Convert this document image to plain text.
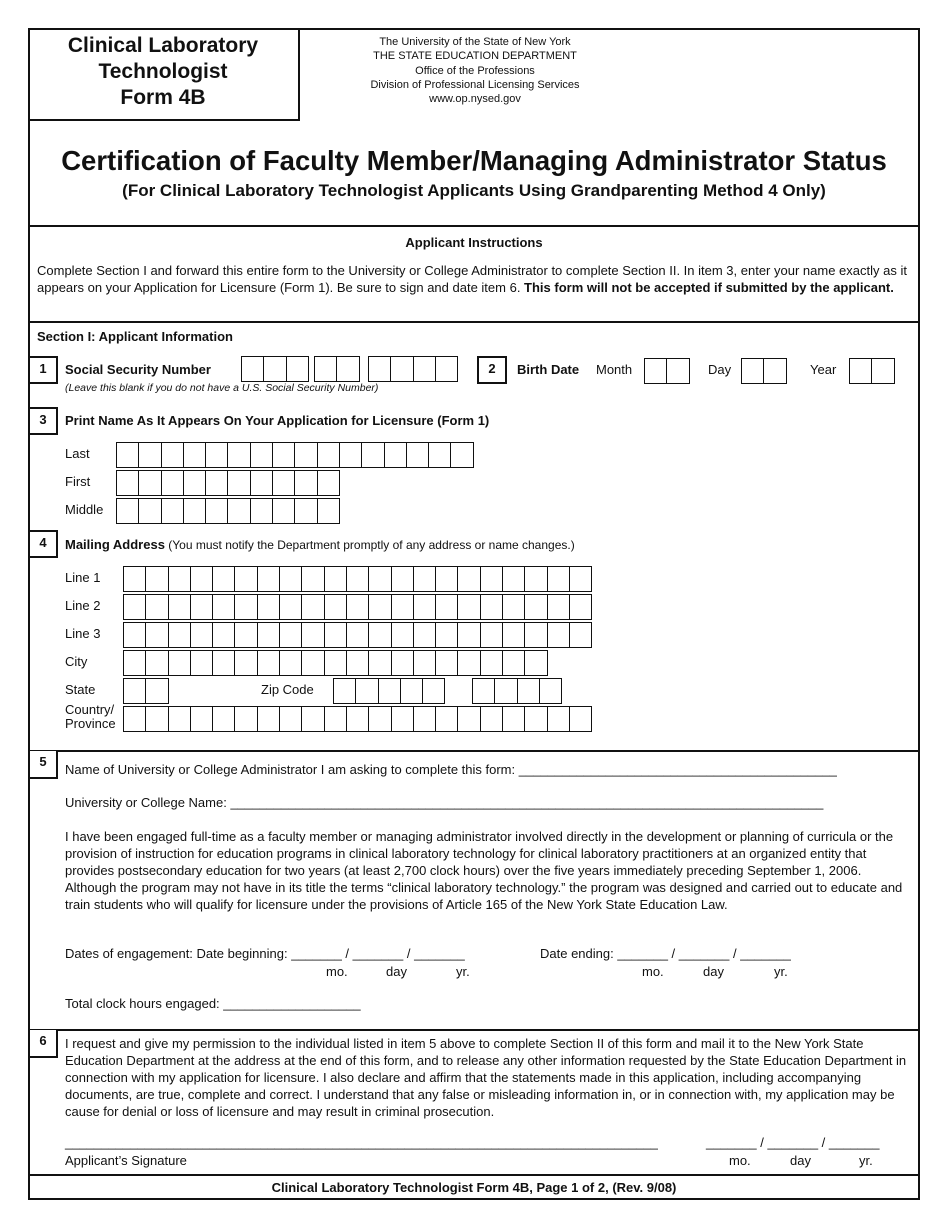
Clinical Laboratory
Technologist
Form 4B
The University of the State of New York
THE STATE EDUCATION DEPARTMENT
Office of the Professions
Division of Professional Licensing Services
www.op.nysed.gov
Certification of Faculty Member/Managing Administrator Status
(For Clinical Laboratory Technologist Applicants Using Grandparenting Method 4 Only)
Applicant Instructions
Complete Section I and forward this entire form to the University or College Administrator to complete Section II. In item 3, enter your name exactly as it appears on your Application for Licensure (Form 1). Be sure to sign and date item 6. This form will not be accepted if submitted by the applicant.
Section I: Applicant Information
1	Social Security Number
(Leave this blank if you do not have a U.S. Social Security Number)
2	Birth Date Month	Day	Year
3	Print Name As It Appears On Your Application for Licensure (Form 1)
Last
First
Middle
4	Mailing Address (You must notify the Department promptly of any address or name changes.)
Line 1
Line 2
Line 3
City
State	Zip Code
Country/
Province
5
Name of University or College Administrator I am asking to complete this form: ____________________________________________
University or College Name: __________________________________________________________________________________
I have been engaged full-time as a faculty member or managing administrator involved directly in the development or planning of curricula or the provision of instruction for education programs in clinical laboratory technology for clinical laboratory practitioners at an organized entity that provides postsecondary education for two years (at least 2,700 clock hours) over the five years immediately preceding September 1, 2006. Although the program may not have in its title the terms “clinical laboratory technology.” the program was designed and carried out to educate and train students who will qualify for licensure under the provisions of Article 165 of the New York State Education Law.
Dates of engagement: Date beginning: _______ / _______ / _______
mo.	day	yr.
Date ending: _______ / _______ / _______
mo.	day	yr.
Total clock hours engaged: ___________________
6	I request and give my permission to the individual listed in item 5 above to complete Section II of this form and mail it to the New York State Education Department at the address at the end of this form, and to release any other information requested by the State Education Department in connection with my application for licensure. I also declare and affirm that the statements made in this application, including accompanying documents, are true, complete and correct. I understand that any false or misleading information in, or in connection with, my application may be cause for denial or loss of licensure and may result in criminal prosecution.
__________________________________________________________________________________	_______ / _______ / _______
Applicant’s Signature	mo.	day	yr.
Clinical Laboratory Technologist Form 4B, Page 1 of 2, (Rev. 9/08)
